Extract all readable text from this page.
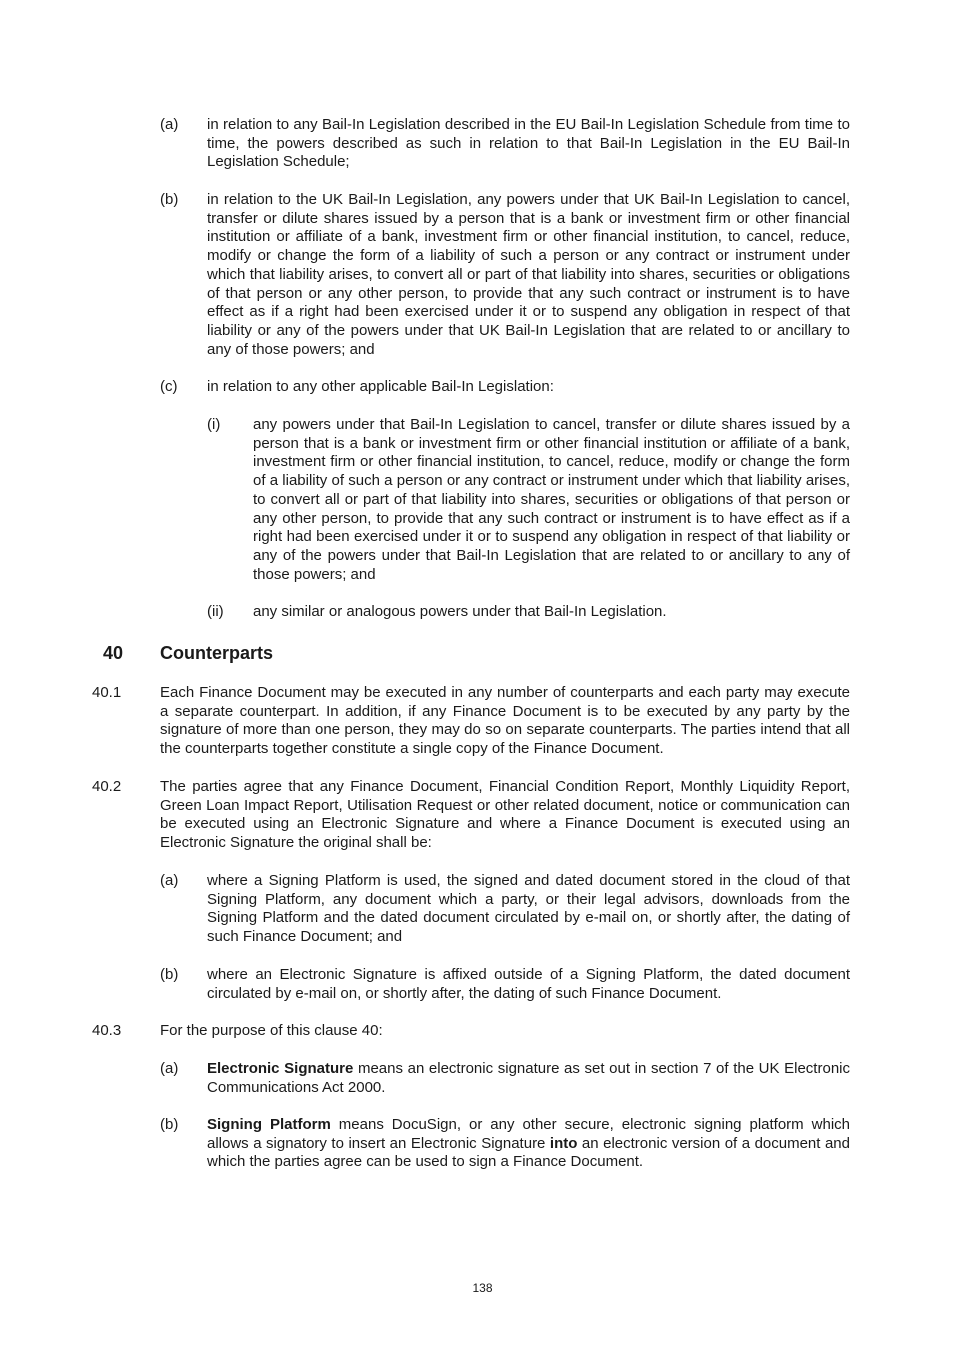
(a) in relation to any Bail-In Legislation described in the EU Bail-In Legislation Schedule from time to time, the powers described as such in relation to that Bail-In Legislation in the EU Bail-In Legislation Schedule;
(b) in relation to the UK Bail-In Legislation, any powers under that UK Bail-In Legislation to cancel, transfer or dilute shares issued by a person that is a bank or investment firm or other financial institution or affiliate of a bank, investment firm or other financial institution, to cancel, reduce, modify or change the form of a liability of such a person or any contract or instrument under which that liability arises, to convert all or part of that liability into shares, securities or obligations of that person or any other person, to provide that any such contract or instrument is to have effect as if a right had been exercised under it or to suspend any obligation in respect of that liability or any of the powers under that UK Bail-In Legislation that are related to or ancillary to any of those powers; and
(c) in relation to any other applicable Bail-In Legislation:
(i) any powers under that Bail-In Legislation to cancel, transfer or dilute shares issued by a person that is a bank or investment firm or other financial institution or affiliate of a bank, investment firm or other financial institution, to cancel, reduce, modify or change the form of a liability of such a person or any contract or instrument under which that liability arises, to convert all or part of that liability into shares, securities or obligations of that person or any other person, to provide that any such contract or instrument is to have effect as if a right had been exercised under it or to suspend any obligation in respect of that liability or any of the powers under that Bail-In Legislation that are related to or ancillary to any of those powers; and
(ii) any similar or analogous powers under that Bail-In Legislation.
40 Counterparts
40.1	Each Finance Document may be executed in any number of counterparts and each party may execute a separate counterpart. In addition, if any Finance Document is to be executed by any party by the signature of more than one person, they may do so on separate counterparts. The parties intend that all the counterparts together constitute a single copy of the Finance Document.
40.2	The parties agree that any Finance Document, Financial Condition Report, Monthly Liquidity Report, Green Loan Impact Report, Utilisation Request or other related document, notice or communication can be executed using an Electronic Signature and where a Finance Document is executed using an Electronic Signature the original shall be:
(a) where a Signing Platform is used, the signed and dated document stored in the cloud of that Signing Platform, any document which a party, or their legal advisors, downloads from the Signing Platform and the dated document circulated by e-mail on, or shortly after, the dating of such Finance Document; and
(b) where an Electronic Signature is affixed outside of a Signing Platform, the dated document circulated by e-mail on, or shortly after, the dating of such Finance Document.
40.3	For the purpose of this clause 40:
(a) Electronic Signature means an electronic signature as set out in section 7 of the UK Electronic Communications Act 2000.
(b) Signing Platform means DocuSign, or any other secure, electronic signing platform which allows a signatory to insert an Electronic Signature into an electronic version of a document and which the parties agree can be used to sign a Finance Document.
138
